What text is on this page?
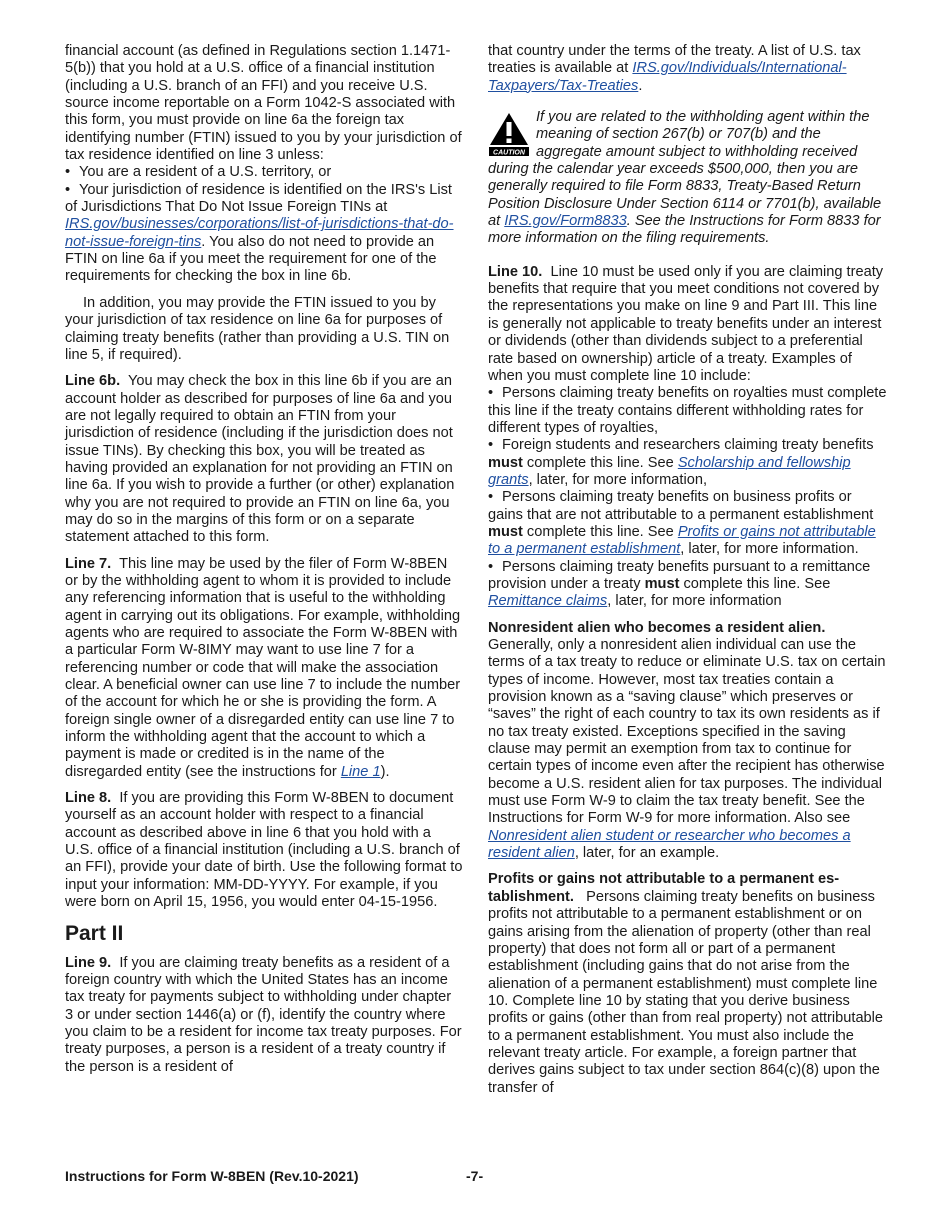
financial account (as defined in Regulations section 1.1471-5(b)) that you hold at a U.S. office of a financial institution (including a U.S. branch of an FFI) and you receive U.S. source income reportable on a Form 1042-S associated with this form, you must provide on line 6a the foreign tax identifying number (FTIN) issued to you by your jurisdiction of tax residence identified on line 3 unless:

• You are a resident of a U.S. territory, or

• Your jurisdiction of residence is identified on the IRS's List of Jurisdictions That Do Not Issue Foreign TINs at IRS.gov/businesses/corporations/list-of-jurisdictions-that-do-not-issue-foreign-tins. You also do not need to provide an FTIN on line 6a if you meet the requirement for one of the requirements for checking the box in line 6b.

In addition, you may provide the FTIN issued to you by your jurisdiction of tax residence on line 6a for purposes of claiming treaty benefits (rather than providing a U.S. TIN on line 5, if required).

Line 6b. You may check the box in this line 6b if you are an account holder as described for purposes of line 6a and you are not legally required to obtain an FTIN from your jurisdiction of residence (including if the jurisdiction does not issue TINs). By checking this box, you will be treated as having provided an explanation for not providing an FTIN on line 6a. If you wish to provide a further (or other) explanation why you are not required to provide an FTIN on line 6a, you may do so in the margins of this form or on a separate statement attached to this form.

Line 7. This line may be used by the filer of Form W-8BEN or by the withholding agent to whom it is provided to include any referencing information that is useful to the withholding agent in carrying out its obligations. For example, withholding agents who are required to associate the Form W-8BEN with a particular Form W-8IMY may want to use line 7 for a referencing number or code that will make the association clear. A beneficial owner can use line 7 to include the number of the account for which he or she is providing the form. A foreign single owner of a disregarded entity can use line 7 to inform the withholding agent that the account to which a payment is made or credited is in the name of the disregarded entity (see the instructions for Line 1).

Line 8. If you are providing this Form W-8BEN to document yourself as an account holder with respect to a financial account as described above in line 6 that you hold with a U.S. office of a financial institution (including a U.S. branch of an FFI), provide your date of birth. Use the following format to input your information: MM-DD-YYYY. For example, if you were born on April 15, 1956, you would enter 04-15-1956.

Part II

Line 9. If you are claiming treaty benefits as a resident of a foreign country with which the United States has an income tax treaty for payments subject to withholding under chapter 3 or under section 1446(a) or (f), identify the country where you claim to be a resident for income tax treaty purposes. For treaty purposes, a person is a resident of a treaty country if the person is a resident of

that country under the terms of the treaty. A list of U.S. tax treaties is available at IRS.gov/Individuals/International-Taxpayers/Tax-Treaties.

CAUTION
If you are related to the withholding agent within the meaning of section 267(b) or 707(b) and the aggregate amount subject to withholding received during the calendar year exceeds $500,000, then you are generally required to file Form 8833, Treaty-Based Return Position Disclosure Under Section 6114 or 7701(b), available at IRS.gov/Form8833. See the Instructions for Form 8833 for more information on the filing requirements.

Line 10. Line 10 must be used only if you are claiming treaty benefits that require that you meet conditions not covered by the representations you make on line 9 and Part III. This line is generally not applicable to treaty benefits under an interest or dividends (other than dividends subject to a preferential rate based on ownership) article of a treaty. Examples of when you must complete line 10 include:

• Persons claiming treaty benefits on royalties must complete this line if the treaty contains different withholding rates for different types of royalties,
• Foreign students and researchers claiming treaty benefits must complete this line. See Scholarship and fellowship grants, later, for more information,
• Persons claiming treaty benefits on business profits or gains that are not attributable to a permanent establishment must complete this line. See Profits or gains not attributable to a permanent establishment, later, for more information.

• Persons claiming treaty benefits pursuant to a remittance provision under a treaty must complete this line. See Remittance claims, later, for more information

Nonresident alien who becomes a resident alien.
Generally, only a nonresident alien individual can use the terms of a tax treaty to reduce or eliminate U.S. tax on certain types of income. However, most tax treaties contain a provision known as a “saving clause” which preserves or “saves” the right of each country to tax its own residents as if no tax treaty existed. Exceptions specified in the saving clause may permit an exemption from tax to continue for certain types of income even after the recipient has otherwise become a U.S. resident alien for tax purposes. The individual must use Form W-9 to claim the tax treaty benefit. See the Instructions for Form W-9 for more information. Also see Nonresident alien student or researcher who becomes a resident alien, later, for an example.

Profits or gains not attributable to a permanent es-tablishment. Persons claiming treaty benefits on business profits not attributable to a permanent establishment or on gains arising from the alienation of property (other than real property) that does not form all or part of a permanent establishment (including gains that do not arise from the alienation of a permanent establishment) must complete line 10. Complete line 10 by stating that you derive business profits or gains (other than from real property) not attributable to a permanent establishment. You must also include the relevant treaty article. For example, a foreign partner that derives gains subject to tax under section 864(c)(8) upon the transfer of

Instructions for Form W-8BEN (Rev.10-2021)	-7-
